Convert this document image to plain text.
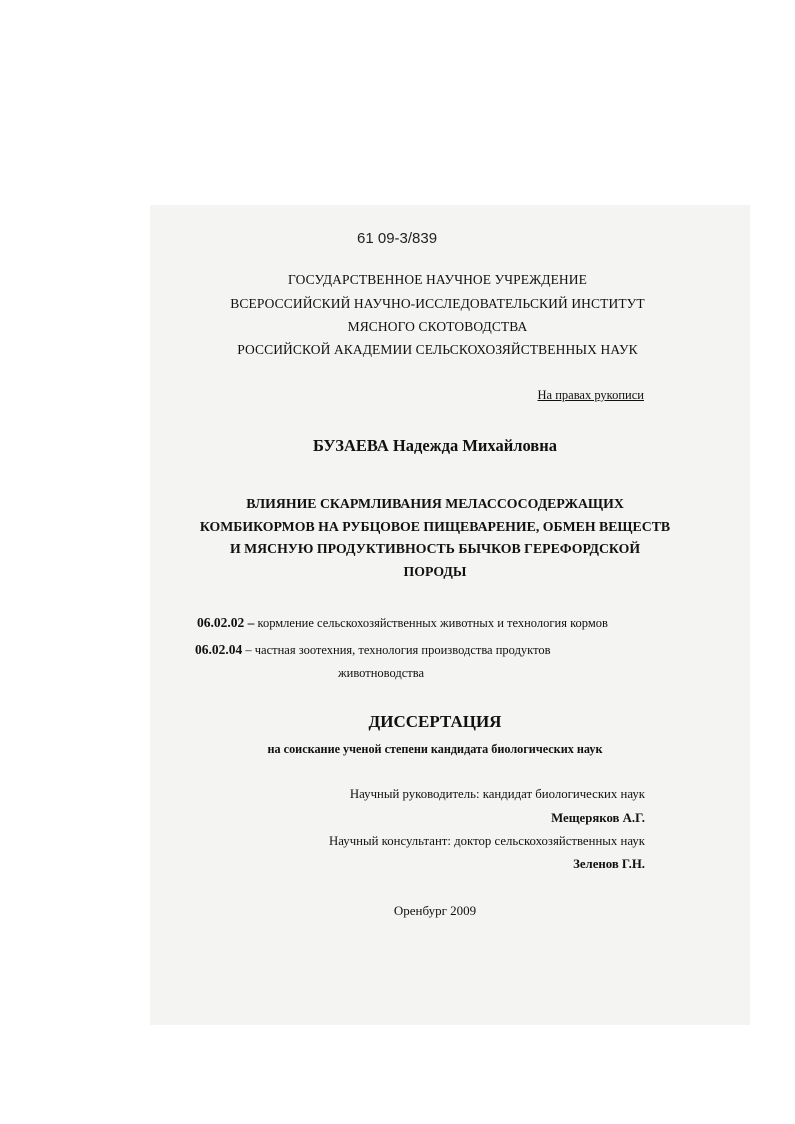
61 09-3/839
ГОСУДАРСТВЕННОЕ НАУЧНОЕ УЧРЕЖДЕНИЕ
ВСЕРОССИЙСКИЙ НАУЧНО-ИССЛЕДОВАТЕЛЬСКИЙ ИНСТИТУТ
МЯСНОГО СКОТОВОДСТВА
РОССИЙСКОЙ АКАДЕМИИ СЕЛЬСКОХОЗЯЙСТВЕННЫХ НАУК
На правах рукописи
БУЗАЕВА Надежда Михайловна
ВЛИЯНИЕ СКАРМЛИВАНИЯ МЕЛАССОСОДЕРЖАЩИХ
КОМБИКОРМОВ НА РУБЦОВОЕ ПИЩЕВАРЕНИЕ, ОБМЕН ВЕЩЕСТВ
И МЯСНУЮ ПРОДУКТИВНОСТЬ БЫЧКОВ ГЕРЕФОРДСКОЙ
ПОРОДЫ
06.02.02 – кормление сельскохозяйственных животных и технология кормов
06.02.04 – частная зоотехния, технология производства продуктов
животноводства
ДИССЕРТАЦИЯ
на соискание ученой степени кандидата биологических наук
Научный руководитель: кандидат биологических наук
Мещеряков А.Г.
Научный консультант: доктор сельскохозяйственных наук
Зеленов Г.Н.
Оренбург 2009
